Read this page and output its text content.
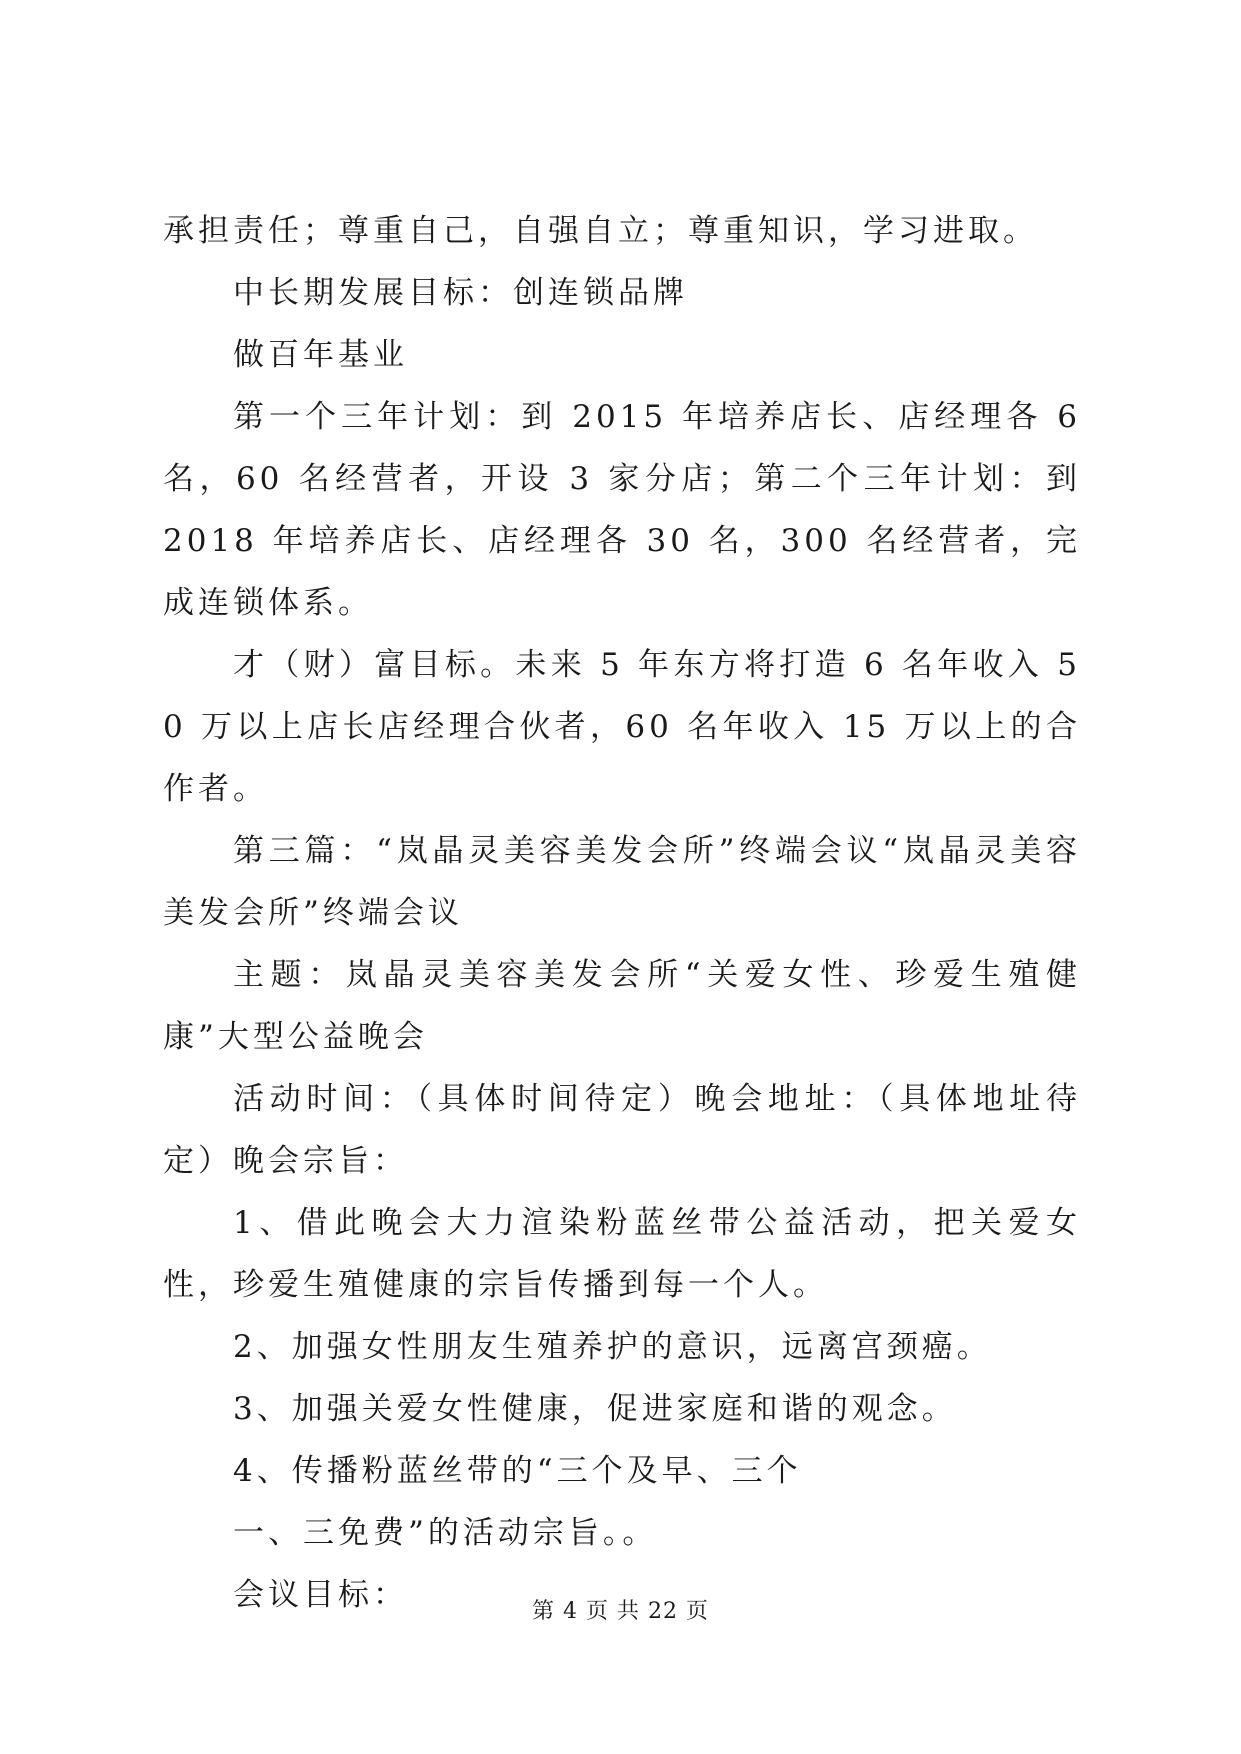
承担责任；尊重自己，自强自立；尊重知识，学习进取。

中长期发展目标：创连锁品牌

做百年基业

第一个三年计划：到 2015 年培养店长、店经理各 6 名，60 名经营者，开设 3 家分店；第二个三年计划：到 2018 年培养店长、店经理各 30 名，300 名经营者，完成连锁体系。

才（财）富目标。未来 5 年东方将打造 6 名年收入 50 万以上店长店经理合伙者，60 名年收入 15 万以上的合作者。

第三篇：“岚晶灵美容美发会所”终端会议“岚晶灵美容美发会所”终端会议

主题：岚晶灵美容美发会所“关爱女性、珍爱生殖健康”大型公益晚会

活动时间：（具体时间待定）晚会地址：（具体地址待定）晚会宗旨：

1、借此晚会大力渲染粉蓝丝带公益活动，把关爱女性，珍爱生殖健康的宗旨传播到每一个人。

2、加强女性朋友生殖养护的意识，远离宫颈癌。

3、加强关爱女性健康，促进家庭和谐的观念。

4、传播粉蓝丝带的“三个及早、三个

一、三免费”的活动宗旨。。

会议目标：	第 4 页 共 22 页
